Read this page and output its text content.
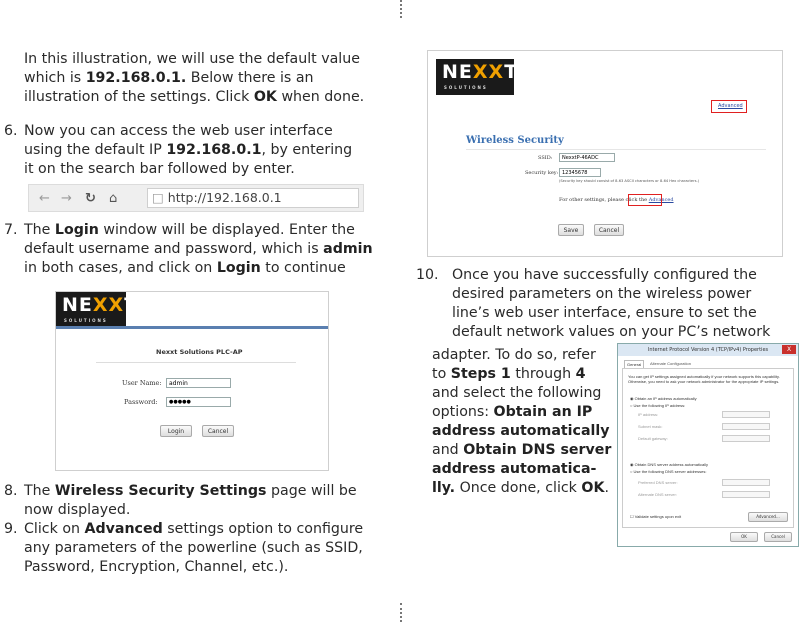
In this illustration, we will use the default value
which is 192.168.0.1. Below there is an
illustration of the settings. Click OK when done.
6. Now you can access the web user interface
using the default IP 192.168.0.1, by entering
it on the search bar followed by enter.
← → ↻ ⌂	□ http://192.168.0.1
7. The Login window will be displayed. Enter the
default username and password, which is admin
in both cases, and click on Login to continue
NEXXT
SOLUTIONS
Nexxt Solutions PLC-AP
User Name:	admin
Password:	●●●●●
Login	Cancel
8. The Wireless Security Settings page will be
now displayed.
9. Click on Advanced settings option to configure
any parameters of the powerline (such as SSID,
Password, Encryption, Channel, etc.).
NEXXT
SOLUTIONS
Advanced
Wireless Security
SSID:	NexxtP-46ADC
Security key: 12345678
(Security key should consist of 8-63 ASCII characters or 8-64 Hex characters.)
For other settings, please click the Advanced
Save	Cancel
10. Once you have successfully configured the
desired parameters on the wireless power
line’s web user interface, ensure to set the
default network values on your PC’s network
adapter. To do so, refer
to Steps 1 through 4
and select the following
options: Obtain an IP
address automatically
and Obtain DNS server
address automatica-
lly. Once done, click OK.
Internet Protocol Version 4 (TCP/IPv4) Properties	X
General	Alternate Configuration
You can get IP settings assigned automatically if your network supports this capability. Otherwise, you need to ask your network administrator for the appropriate IP settings.
◉ Obtain an IP address automatically
○ Use the following IP address:
IP address:
Subnet mask:
Default gateway:
◉ Obtain DNS server address automatically
○ Use the following DNS server addresses:
Preferred DNS server:
Alternate DNS server:
☐ Validate settings upon exit	Advanced...
OK	Cancel
